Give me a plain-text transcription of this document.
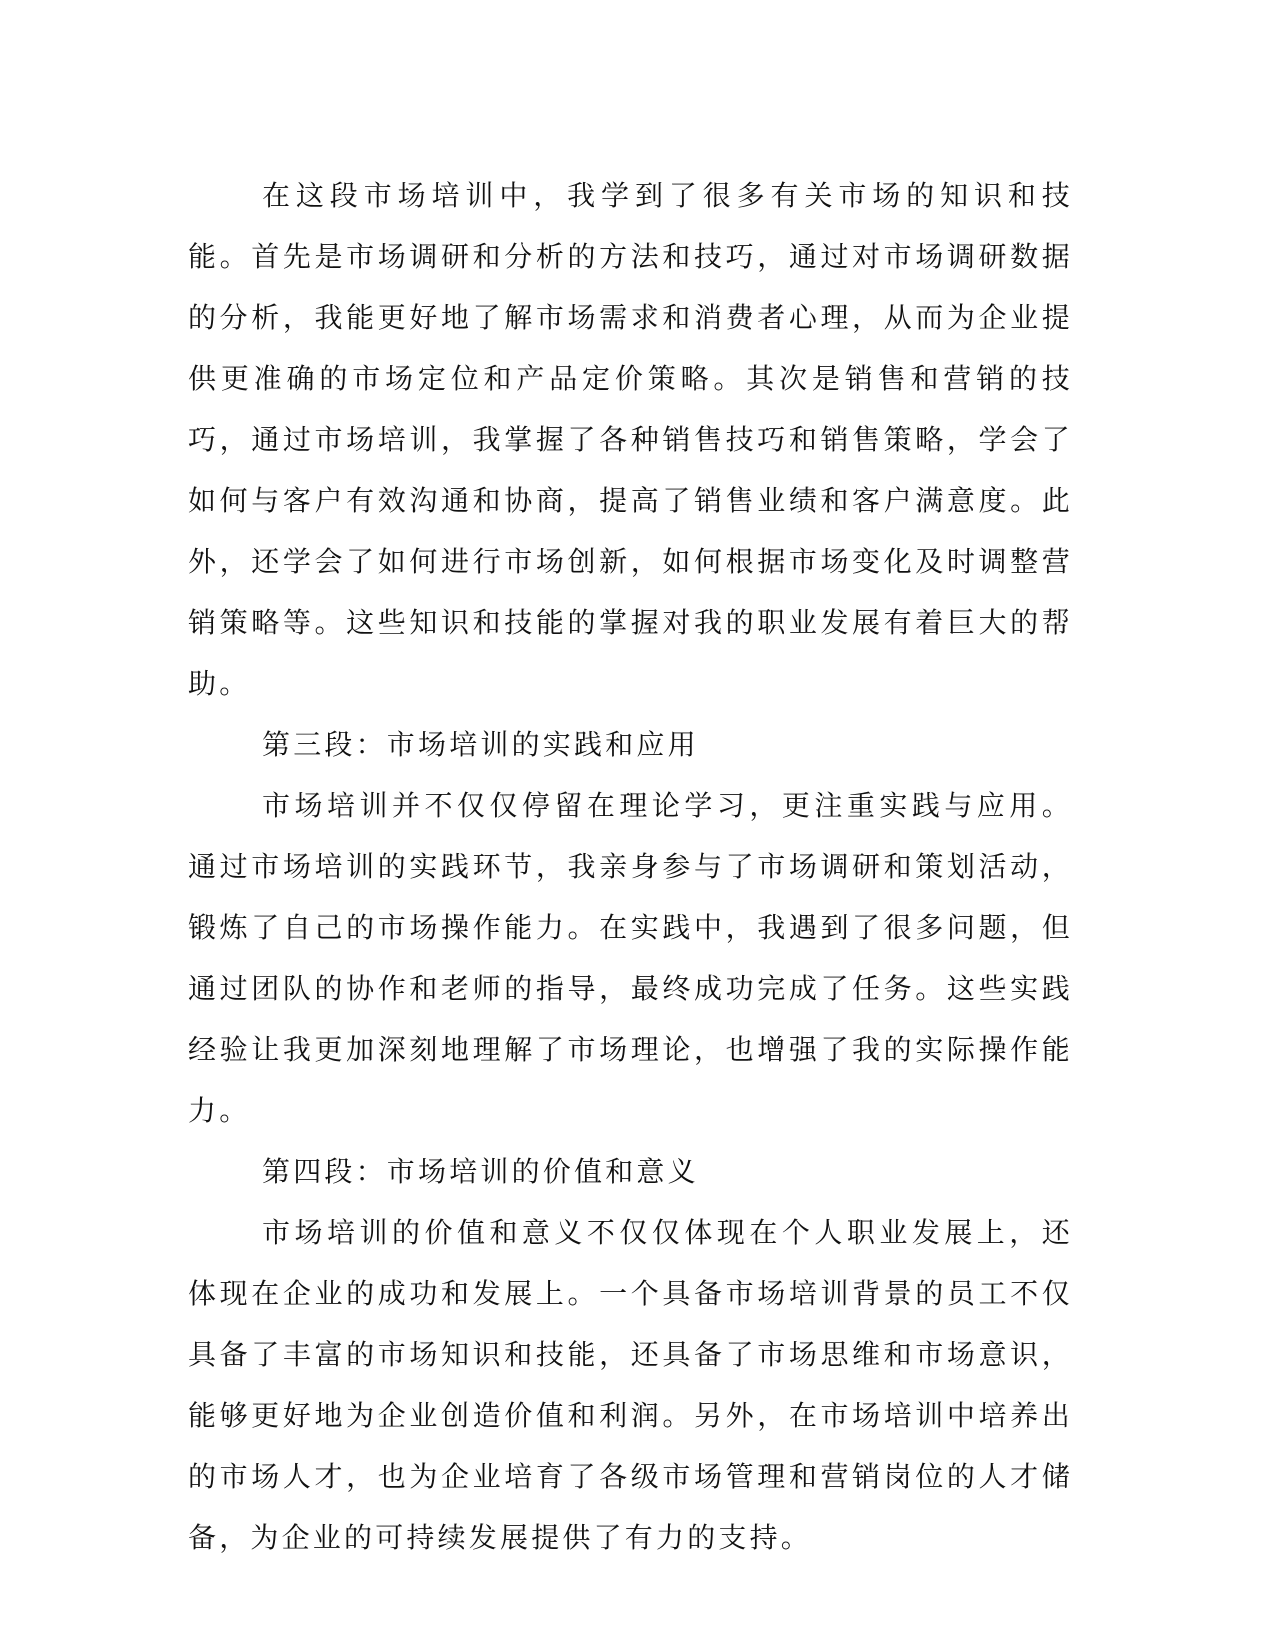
在这段市场培训中，我学到了很多有关市场的知识和技能。首先是市场调研和分析的方法和技巧，通过对市场调研数据的分析，我能更好地了解市场需求和消费者心理，从而为企业提供更准确的市场定位和产品定价策略。其次是销售和营销的技巧，通过市场培训，我掌握了各种销售技巧和销售策略，学会了如何与客户有效沟通和协商，提高了销售业绩和客户满意度。此外，还学会了如何进行市场创新，如何根据市场变化及时调整营销策略等。这些知识和技能的掌握对我的职业发展有着巨大的帮助。

第三段：市场培训的实践和应用

市场培训并不仅仅停留在理论学习，更注重实践与应用。通过市场培训的实践环节，我亲身参与了市场调研和策划活动，锻炼了自己的市场操作能力。在实践中，我遇到了很多问题，但通过团队的协作和老师的指导，最终成功完成了任务。这些实践经验让我更加深刻地理解了市场理论，也增强了我的实际操作能力。

第四段：市场培训的价值和意义

市场培训的价值和意义不仅仅体现在个人职业发展上，还体现在企业的成功和发展上。一个具备市场培训背景的员工不仅具备了丰富的市场知识和技能，还具备了市场思维和市场意识，能够更好地为企业创造价值和利润。另外，在市场培训中培养出的市场人才，也为企业培育了各级市场管理和营销岗位的人才储备，为企业的可持续发展提供了有力的支持。
